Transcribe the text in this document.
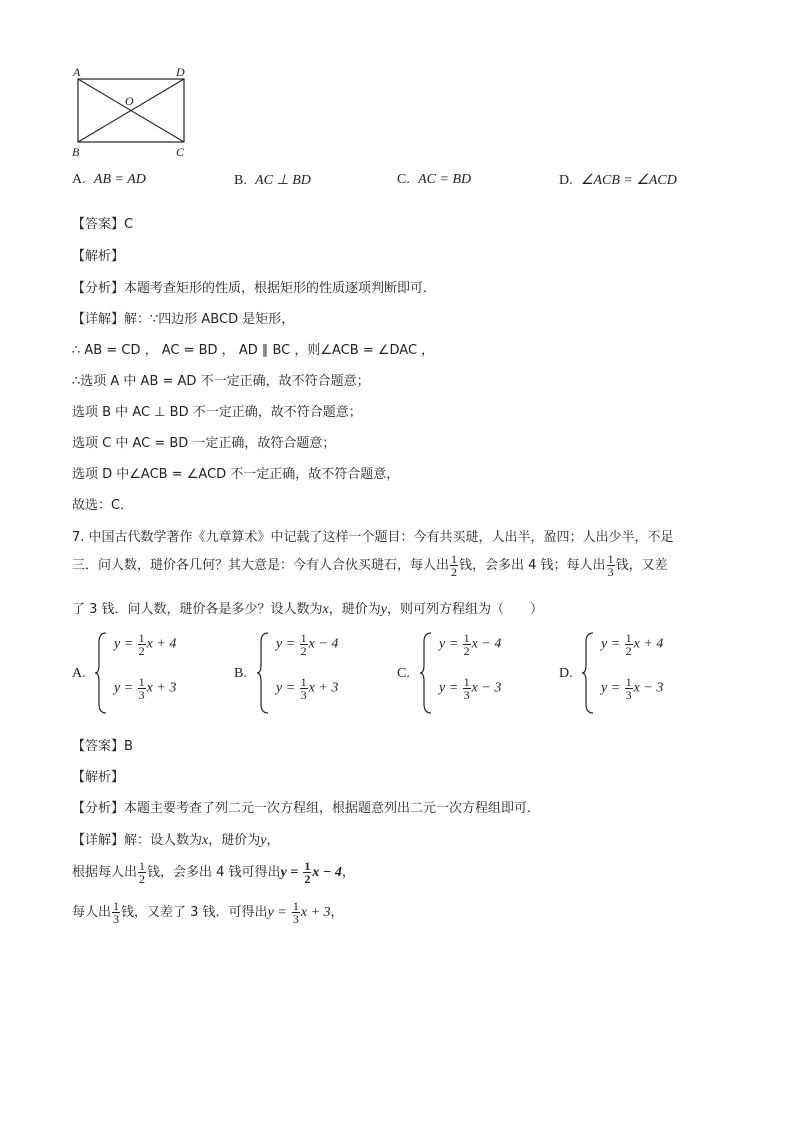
A	D
O
B	C
A. AB = AD	B. AC ⊥ BD	C. AC = BD	D. ∠ACB = ∠ACD
【答案】C
【解析】
【分析】本题考查矩形的性质，根据矩形的性质逐项判断即可．
【详解】解：∵四边形 ABCD 是矩形，
∴ AB = CD ， AC = BD ， AD ∥ BC ，则∠ACB = ∠DAC ，
∴选项 A 中 AB = AD 不一定正确，故不符合题意；
选项 B 中 AC ⊥ BD 不一定正确，故不符合题意；
选项 C 中 AC = BD 一定正确，故符合题意；
选项 D 中∠ACB = ∠ACD 不一定正确，故不符合题意，
故选：C．
7. 中国古代数学著作《九章算术》中记载了这样一个题目：今有共买琎，人出半，盈四；人出少半，不足
三．问人数，琎价各几何？其大意是：今有人合伙买琎石，每人出 $\frac{1}{2}$ 钱，会多出 4 钱；每人出 $\frac{1}{3}$ 钱，又差
了 3 钱．问人数，琎价各是多少？设人数为x，琎价为y，则可列方程组为（　　）
A.
$y = \frac{1}{2}$ x + 4
$y = \frac{1}{3}$ x + 3
B.
$y = \frac{1}{2}$ x − 4
$y = \frac{1}{3}$ x + 3
C.
$y = \frac{1}{2}$ x − 4
$y = \frac{1}{3}$ x − 3
D.
$y = \frac{1}{2}$ x + 4
$y = \frac{1}{3}$ x − 3
【答案】B
【解析】
【分析】本题主要考查了列二元一次方程组，根据题意列出二元一次方程组即可．
【详解】解：设人数为x，琎价为y，
根据每人出 $\frac{1}{2}$ 钱，会多出 4 钱可得出$y = \frac{1}{2}$ x − 4，
每人出 $\frac{1}{3}$ 钱，又差了 3 钱．可得出$y = \frac{1}{3}$ x + 3，
